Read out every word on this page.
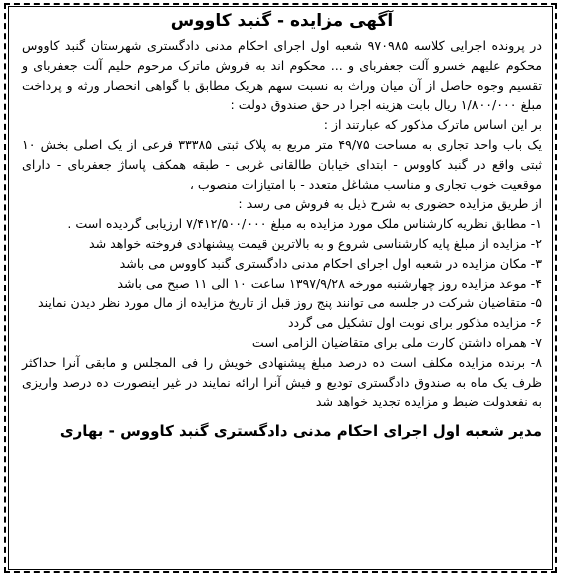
آگهی مزایده - گنبد کاووس

در پرونده اجرایی کلاسه ۹۷۰۹۸۵ شعبه اول اجرای احکام مدنی دادگستری شهرستان گنبد کاووس محکوم علیهم خسرو آلت جعفربای و ... محکوم اند به فروش ماترک مرحوم حلیم آلت جعفربای و تقسیم وجوه حاصل از آن میان وراث به نسبت سهم هریک مطابق با گواهی انحصار ورثه و پرداخت مبلغ ۱/۸۰۰/۰۰۰ ریال بابت هزینه اجرا در حق صندوق دولت :

بر این اساس ماترک مذکور که عبارتند از :

یک باب واحد تجاری به مساحت ۴۹/۷۵ متر مربع به پلاک ثبتی ۳۳۳۸۵ فرعی از یک اصلی بخش ۱۰ ثبتی واقع در گنبد کاووس - ابتدای خیابان طالقانی غربی - طبقه همکف پاساژ جعفربای - دارای موقعیت خوب تجاری و مناسب مشاغل متعدد - با امتیازات منصوب ،

از طریق مزایده حضوری به شرح ذیل به فروش می رسد :

۱- مطابق نظریه کارشناس ملک مورد مزایده به مبلغ ۷/۴۱۲/۵۰۰/۰۰۰ ارزیابی گردیده است .
۲- مزایده از مبلغ پایه کارشناسی شروع و به بالاترین قیمت پیشنهادی فروخته خواهد شد
۳- مکان مزایده در شعبه اول اجرای احکام مدنی دادگستری گنبد کاووس می باشد
۴- موعد مزایده روز چهارشنبه مورخه ۱۳۹۷/۹/۲۸ ساعت ۱۰ الی ۱۱ صبح می باشد
۵- متقاضیان شرکت در جلسه می توانند پنج روز قبل از تاریخ مزایده از مال مورد نظر دیدن نمایند
۶- مزایده مذکور برای نوبت اول تشکیل می گردد
۷- همراه داشتن کارت ملی برای متقاضیان الزامی است
۸- برنده مزایده مکلف است ده درصد مبلغ پیشنهادی خویش را فی المجلس و مابقی آنرا حداکثر ظرف یک ماه به صندوق دادگستری تودیع و فیش آنرا ارائه نمایند در غیر اینصورت ده درصد واریزی به نفعدولت ضبط و مزایده تجدید خواهد شد
مدیر شعبه اول اجرای احکام مدنی دادگستری گنبد کاووس - بهاری
